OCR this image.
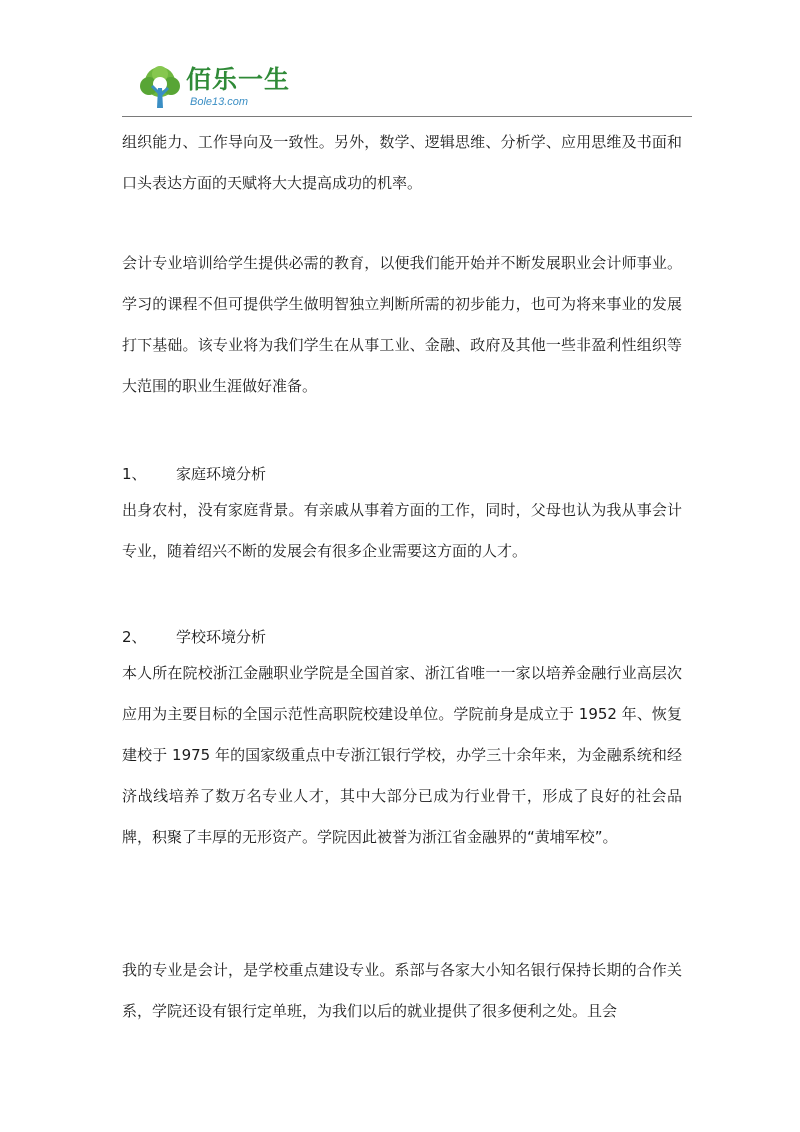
佰乐一生
Bole13.com

组织能力、工作导向及一致性。另外，数学、逻辑思维、分析学、应用思维及书面和口头表达方面的天赋将大大提高成功的机率。

会计专业培训给学生提供必需的教育，以便我们能开始并不断发展职业会计师事业。学习的课程不但可提供学生做明智独立判断所需的初步能力，也可为将来事业的发展打下基础。该专业将为我们学生在从事工业、金融、政府及其他一些非盈利性组织等大范围的职业生涯做好准备。

1、 家庭环境分析

出身农村，没有家庭背景。有亲戚从事着方面的工作，同时，父母也认为我从事会计专业，随着绍兴不断的发展会有很多企业需要这方面的人才。

2、 学校环境分析

本人所在院校浙江金融职业学院是全国首家、浙江省唯一一家以培养金融行业高层次应用为主要目标的全国示范性高职院校建设单位。学院前身是成立于 1952 年、恢复建校于 1975 年的国家级重点中专浙江银行学校，办学三十余年来，为金融系统和经济战线培养了数万名专业人才，其中大部分已成为行业骨干，形成了良好的社会品牌，积聚了丰厚的无形资产。学院因此被誉为浙江省金融界的“黄埔军校”。

我的专业是会计，是学校重点建设专业。系部与各家大小知名银行保持长期的合作关系，学院还设有银行定单班，为我们以后的就业提供了很多便利之处。且会
